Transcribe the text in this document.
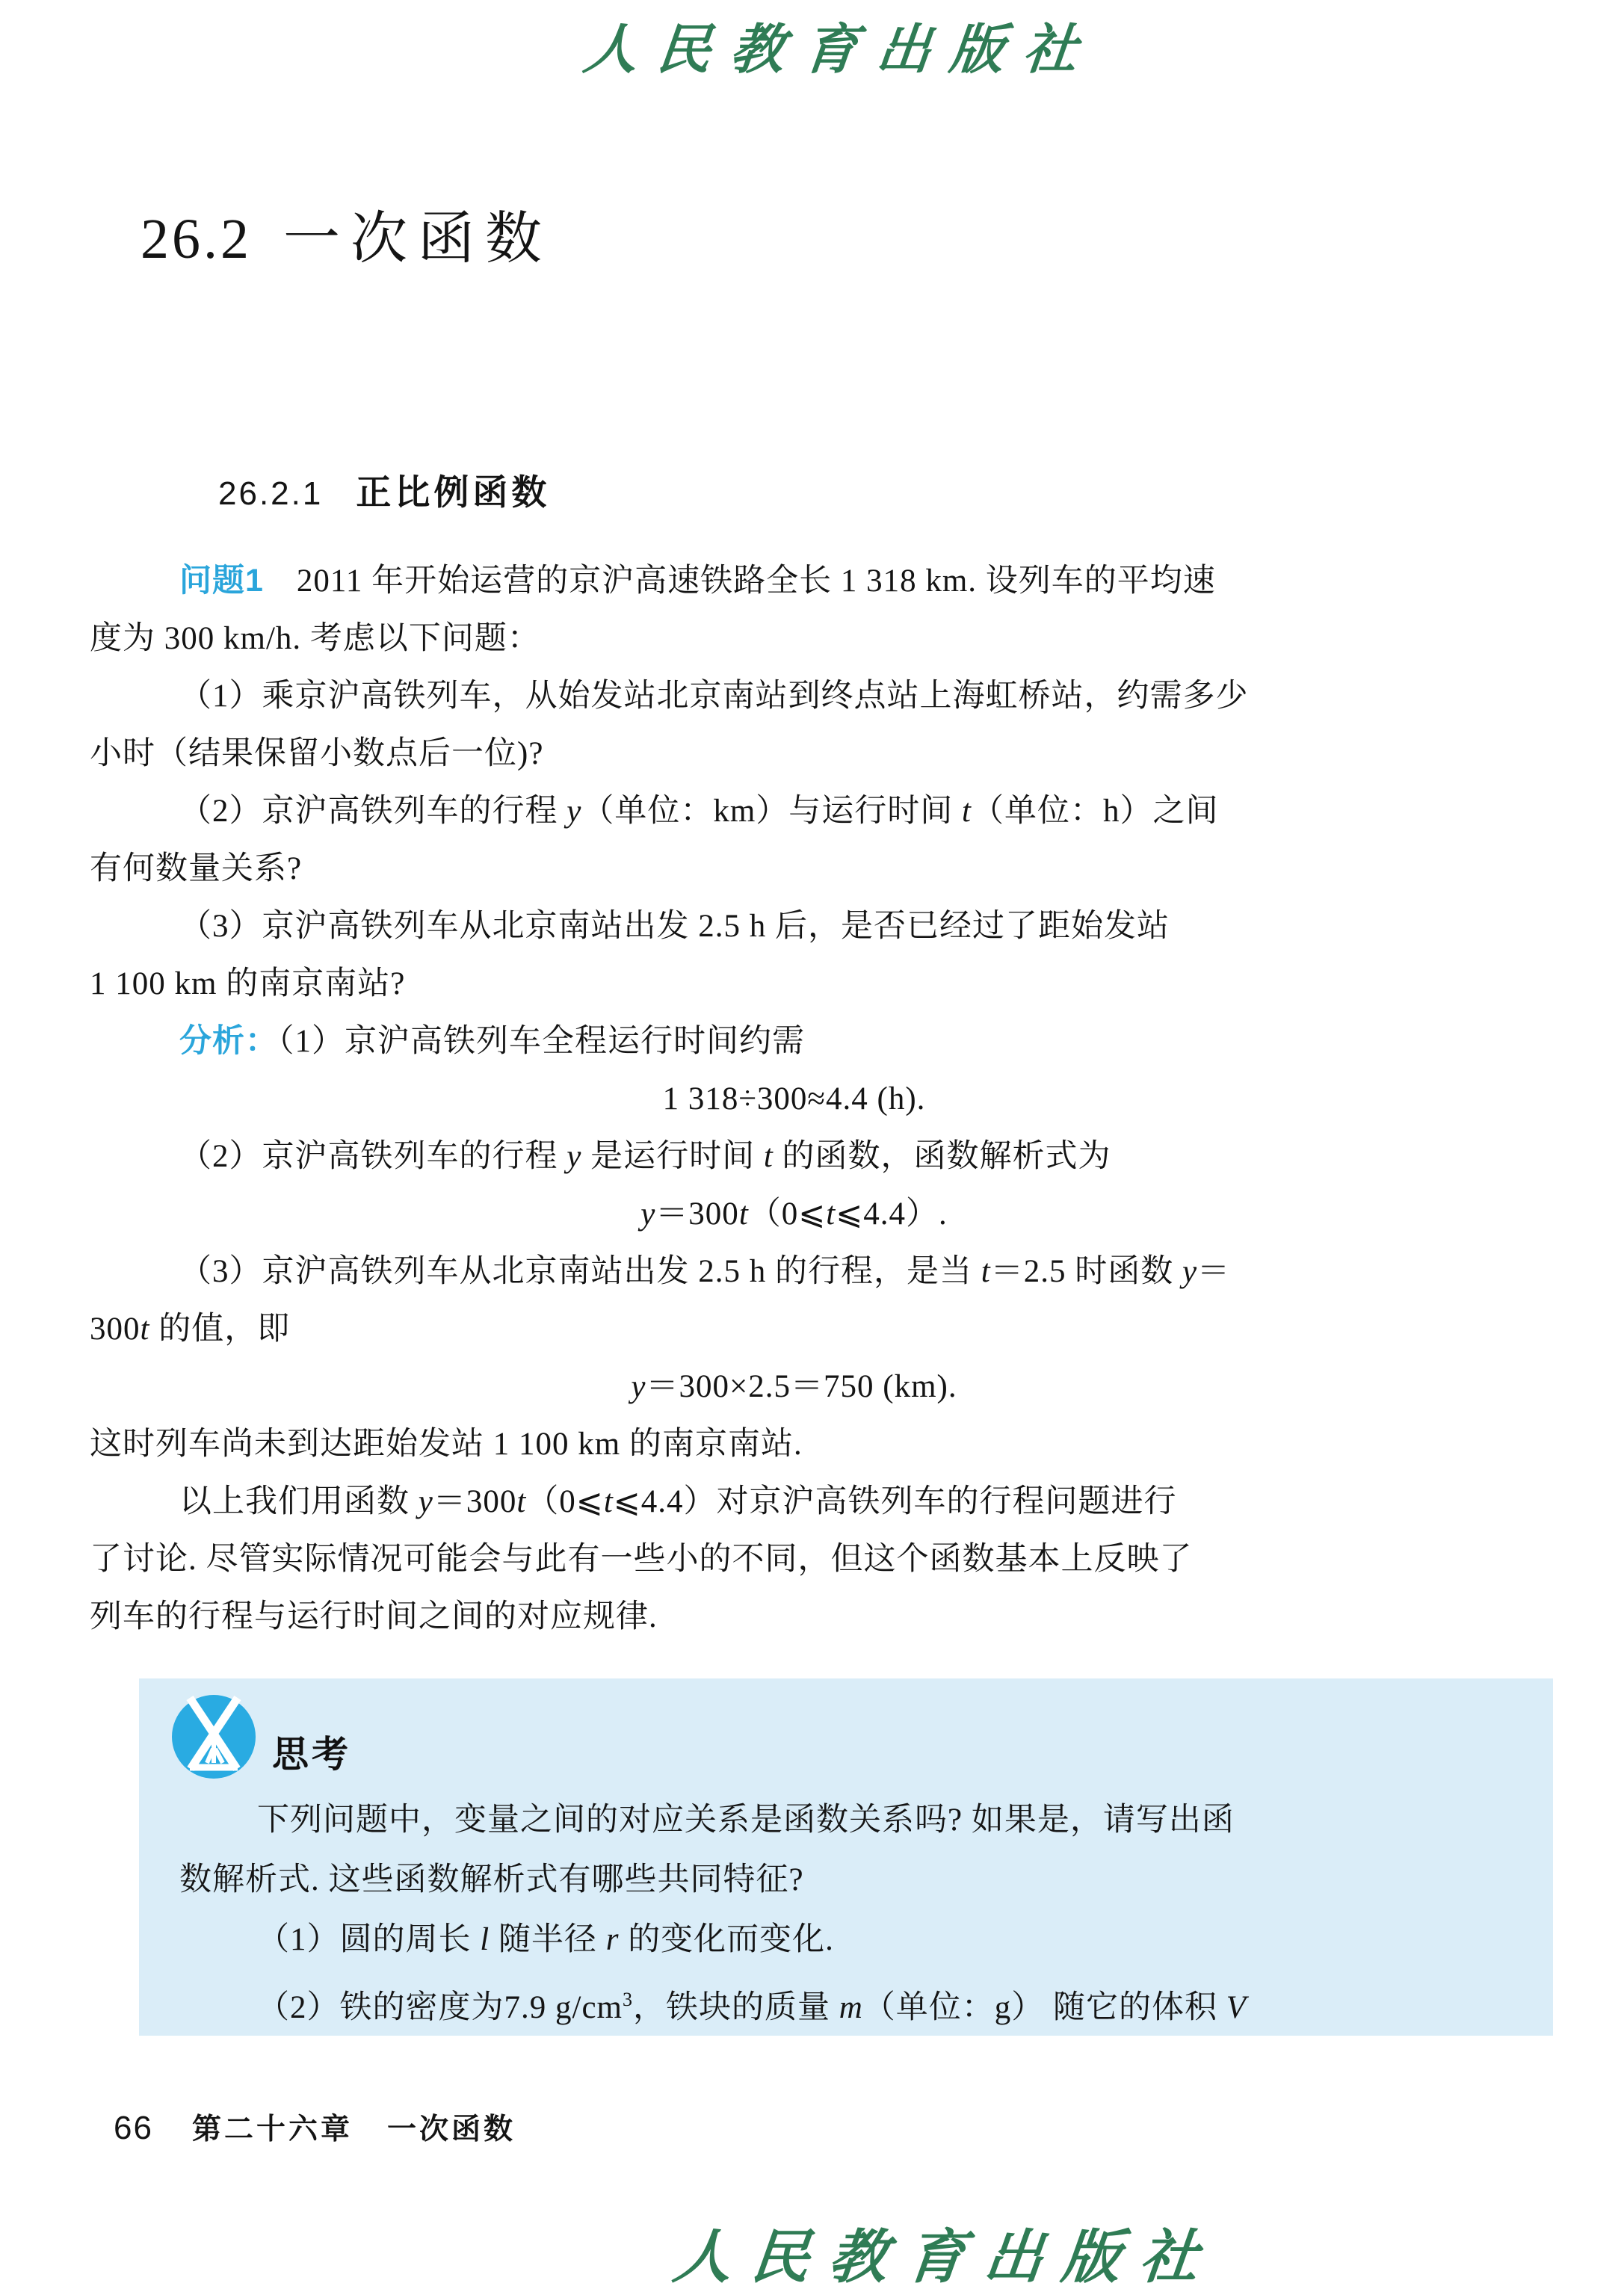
人民教育出版社
26.2 一次函数
26.2.1 正比例函数
问题1　2011 年开始运营的京沪高速铁路全长 1 318 km. 设列车的平均速
度为 300 km/h. 考虑以下问题：
（1）乘京沪高铁列车，从始发站北京南站到终点站上海虹桥站，约需多少
小时（结果保留小数点后一位)?
（2）京沪高铁列车的行程 y（单位：km）与运行时间 t（单位：h）之间
有何数量关系?
（3）京沪高铁列车从北京南站出发 2.5 h 后，是否已经过了距始发站
1 100 km 的南京南站?
分析：（1）京沪高铁列车全程运行时间约需
1 318÷300≈4.4 (h).
（2）京沪高铁列车的行程 y 是运行时间 t 的函数，函数解析式为
y＝300t（0⩽t⩽4.4）.
（3）京沪高铁列车从北京南站出发 2.5 h 的行程，是当 t＝2.5 时函数 y＝
300t 的值，即
y＝300×2.5＝750 (km).
这时列车尚未到达距始发站 1 100 km 的南京南站.
以上我们用函数 y＝300t（0⩽t⩽4.4）对京沪高铁列车的行程问题进行
了讨论. 尽管实际情况可能会与此有一些小的不同，但这个函数基本上反映了
列车的行程与运行时间之间的对应规律.
思考
下列问题中，变量之间的对应关系是函数关系吗? 如果是，请写出函
数解析式. 这些函数解析式有哪些共同特征?
（1）圆的周长 l 随半径 r 的变化而变化.
（2）铁的密度为7.9 $g/cm^3$，铁块的质量 m（单位：g） 随它的体积 V
66 第二十六章 一次函数
人民教育出版社
